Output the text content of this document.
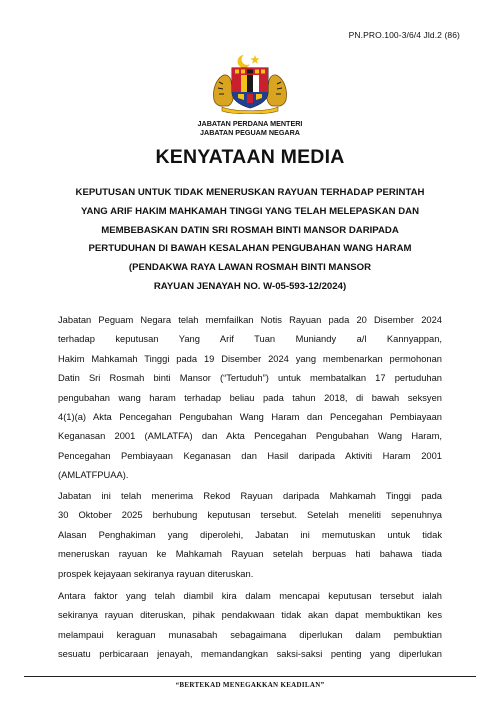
PN.PRO.100-3/6/4 Jld.2 (86)
JABATAN PERDANA MENTERI
JABATAN PEGUAM NEGARA
KENYATAAN MEDIA
KEPUTUSAN UNTUK TIDAK MENERUSKAN RAYUAN TERHADAP PERINTAH
YANG ARIF HAKIM MAHKAMAH TINGGI YANG TELAH MELEPASKAN DAN
MEMBEBASKAN DATIN SRI ROSMAH BINTI MANSOR DARIPADA
PERTUDUHAN DI BAWAH KESALAHAN PENGUBAHAN WANG HARAM
(PENDAKWA RAYA LAWAN ROSMAH BINTI MANSOR
RAYUAN JENAYAH NO. W-05-593-12/2024)
Jabatan Peguam Negara telah memfailkan Notis Rayuan pada 20 Disember 2024
terhadap keputusan Yang Arif Tuan Muniandy a/l Kannyappan,
Hakim Mahkamah Tinggi pada 19 Disember 2024 yang membenarkan permohonan
Datin Sri Rosmah binti Mansor (“Tertuduh”) untuk membatalkan 17 pertuduhan
pengubahan wang haram terhadap beliau pada tahun 2018, di bawah seksyen
4(1)(a) Akta Pencegahan Pengubahan Wang Haram dan Pencegahan Pembiayaan
Keganasan 2001 (AMLATFA) dan Akta Pencegahan Pengubahan Wang Haram,
Pencegahan Pembiayaan Keganasan dan Hasil daripada Aktiviti Haram 2001
(AMLATFPUAA).
Jabatan ini telah menerima Rekod Rayuan daripada Mahkamah Tinggi pada
30 Oktober 2025 berhubung keputusan tersebut. Setelah meneliti sepenuhnya
Alasan Penghakiman yang diperolehi, Jabatan ini memutuskan untuk tidak
meneruskan rayuan ke Mahkamah Rayuan setelah berpuas hati bahawa tiada
prospek kejayaan sekiranya rayuan diteruskan.
Antara faktor yang telah diambil kira dalam mencapai keputusan tersebut ialah
sekiranya rayuan diteruskan, pihak pendakwaan tidak akan dapat membuktikan kes
melampaui keraguan munasabah sebagaimana diperlukan dalam pembuktian
sesuatu perbicaraan jenayah, memandangkan saksi-saksi penting yang diperlukan
“BERTEKAD MENEGAKKAN KEADILAN”
